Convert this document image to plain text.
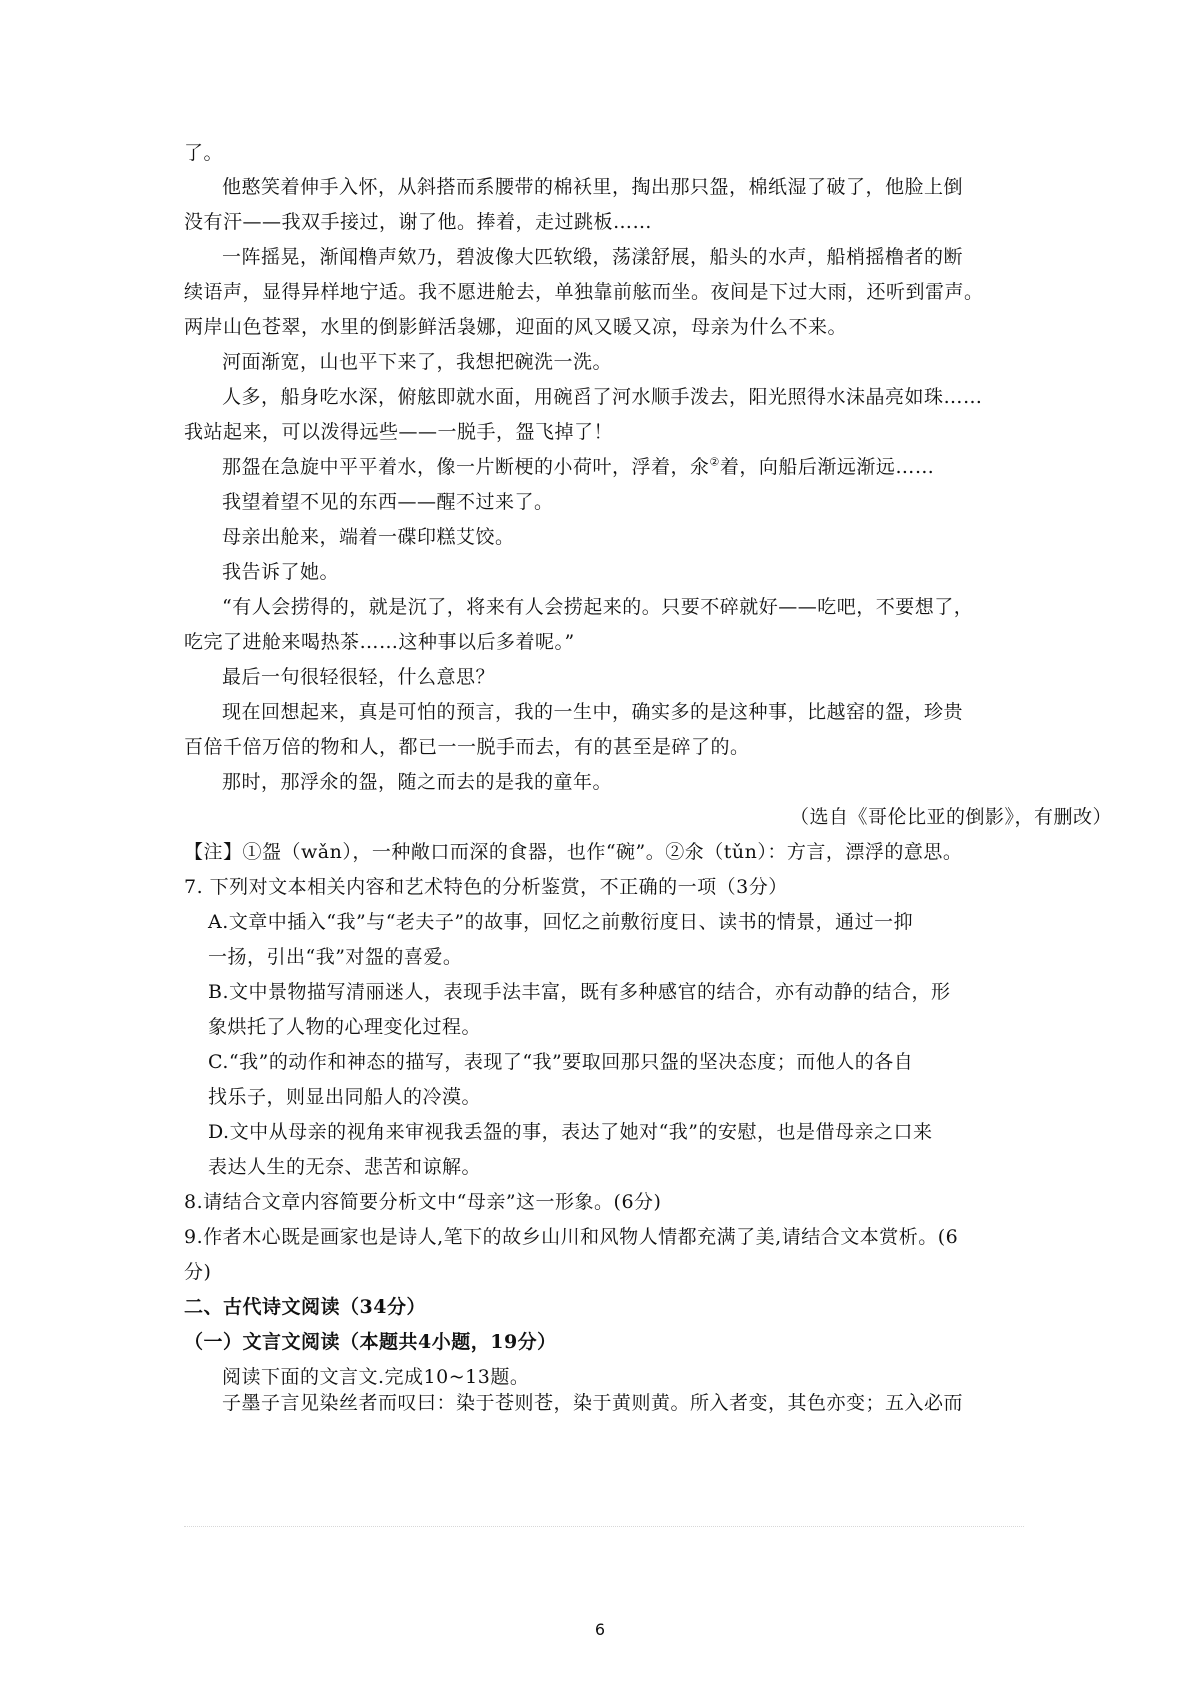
了。
他憨笑着伸手入怀，从斜搭而系腰带的棉袄里，掏出那只盌，棉纸湿了破了，他脸上倒
没有汗——我双手接过，谢了他。捧着，走过跳板……
一阵摇晃，渐闻橹声欸乃，碧波像大匹软缎，荡漾舒展，船头的水声，船梢摇橹者的断
续语声，显得异样地宁适。我不愿进舱去，单独靠前舷而坐。夜间是下过大雨，还听到雷声。
两岸山色苍翠，水里的倒影鲜活袅娜，迎面的风又暖又凉，母亲为什么不来。
河面渐宽，山也平下来了，我想把碗洗一洗。
人多，船身吃水深，俯舷即就水面，用碗舀了河水顺手泼去，阳光照得水沫晶亮如珠……
我站起来，可以泼得远些——一脱手，盌飞掉了！
那盌在急旋中平平着水，像一片断梗的小荷叶，浮着，氽②着，向船后渐远渐远……
我望着望不见的东西——醒不过来了。
母亲出舱来，端着一碟印糕艾饺。
我告诉了她。
“有人会捞得的，就是沉了，将来有人会捞起来的。只要不碎就好——吃吧，不要想了，
吃完了进舱来喝热茶……这种事以后多着呢。”
最后一句很轻很轻，什么意思？
现在回想起来，真是可怕的预言，我的一生中，确实多的是这种事，比越窑的盌，珍贵
百倍千倍万倍的物和人，都已一一脱手而去，有的甚至是碎了的。
那时，那浮氽的盌，随之而去的是我的童年。
（选自《哥伦比亚的倒影》，有删改）
【注】①盌（wǎn），一种敞口而深的食器，也作“碗”。②氽（tǔn）：方言，漂浮的意思。
7. 下列对文本相关内容和艺术特色的分析鉴赏，不正确的一项（3分）
A.文章中插入“我”与“老夫子”的故事，回忆之前敷衍度日、读书的情景，通过一抑
一扬，引出“我”对盌的喜爱。
B.文中景物描写清丽迷人，表现手法丰富，既有多种感官的结合，亦有动静的结合，形
象烘托了人物的心理变化过程。
C.“我”的动作和神态的描写，表现了“我”要取回那只盌的坚决态度；而他人的各自
找乐子，则显出同船人的冷漠。
D.文中从母亲的视角来审视我丢盌的事，表达了她对“我”的安慰，也是借母亲之口来
表达人生的无奈、悲苦和谅解。
8.请结合文章内容简要分析文中“母亲”这一形象。(6分)
9.作者木心既是画家也是诗人,笔下的故乡山川和风物人情都充满了美,请结合文本赏析。(6
分)
二、古代诗文阅读（34分）
（一）文言文阅读（本题共4小题，19分）
阅读下面的文言文.完成10~13题。
子墨子言见染丝者而叹曰：染于苍则苍，染于黄则黄。所入者变，其色亦变；五入必而
6
